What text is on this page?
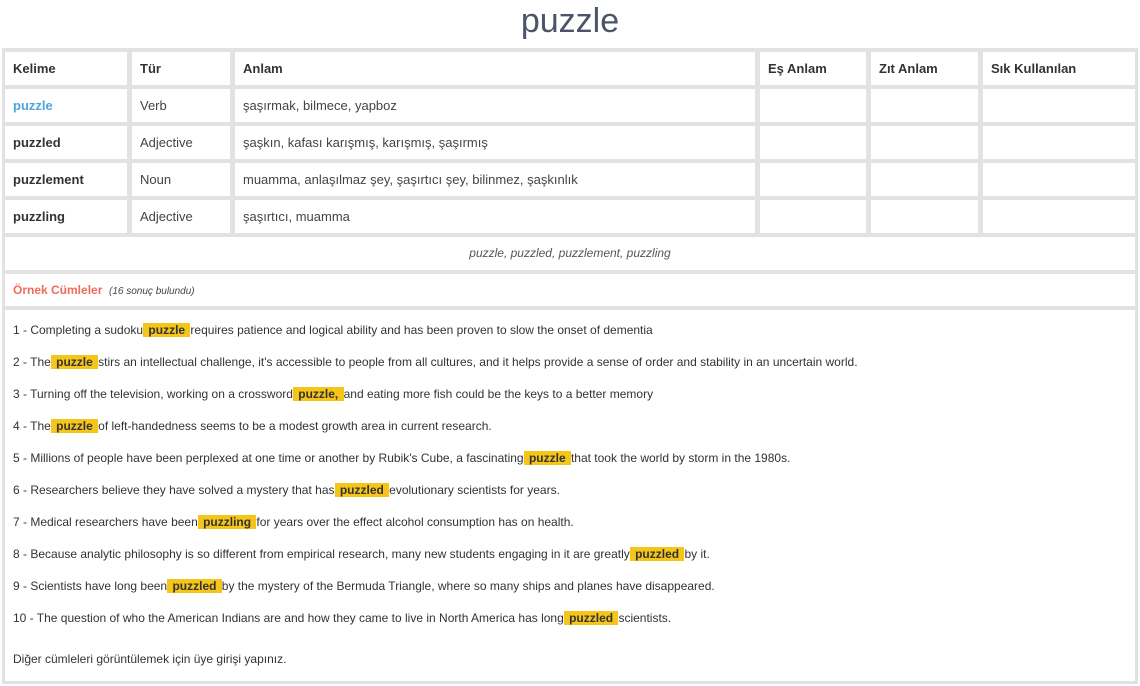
puzzle
Kelime	Tür	Anlam	Eş Anlam	Zıt Anlam	Sık Kullanılan
puzzle	Verb	şaşırmak, bilmece, yapboz			
puzzled	Adjective	şaşkın, kafası karışmış, karışmış, şaşırmış			
puzzlement	Noun	muamma, anlaşılmaz şey, şaşırtıcı şey, bilinmez, şaşkınlık			
puzzling	Adjective	şaşırtıcı, muamma			
puzzle, puzzled, puzzlement, puzzling
Örnek Cümleler (16 sonuç bulundu)
1 - Completing a sudoku puzzle requires patience and logical ability and has been proven to slow the onset of dementia
2 - The puzzle stirs an intellectual challenge, it's accessible to people from all cultures, and it helps provide a sense of order and stability in an uncertain world.
3 - Turning off the television, working on a crossword puzzle, and eating more fish could be the keys to a better memory
4 - The puzzle of left-handedness seems to be a modest growth area in current research.
5 - Millions of people have been perplexed at one time or another by Rubik's Cube, a fascinating puzzle that took the world by storm in the 1980s.
6 - Researchers believe they have solved a mystery that has puzzled evolutionary scientists for years.
7 - Medical researchers have been puzzling for years over the effect alcohol consumption has on health.
8 - Because analytic philosophy is so different from empirical research, many new students engaging in it are greatly puzzled by it.
9 - Scientists have long been puzzled by the mystery of the Bermuda Triangle, where so many ships and planes have disappeared.
10 - The question of who the American Indians are and how they came to live in North America has long puzzled scientists.
Diğer cümleleri görüntülemek için üye girişi yapınız.
